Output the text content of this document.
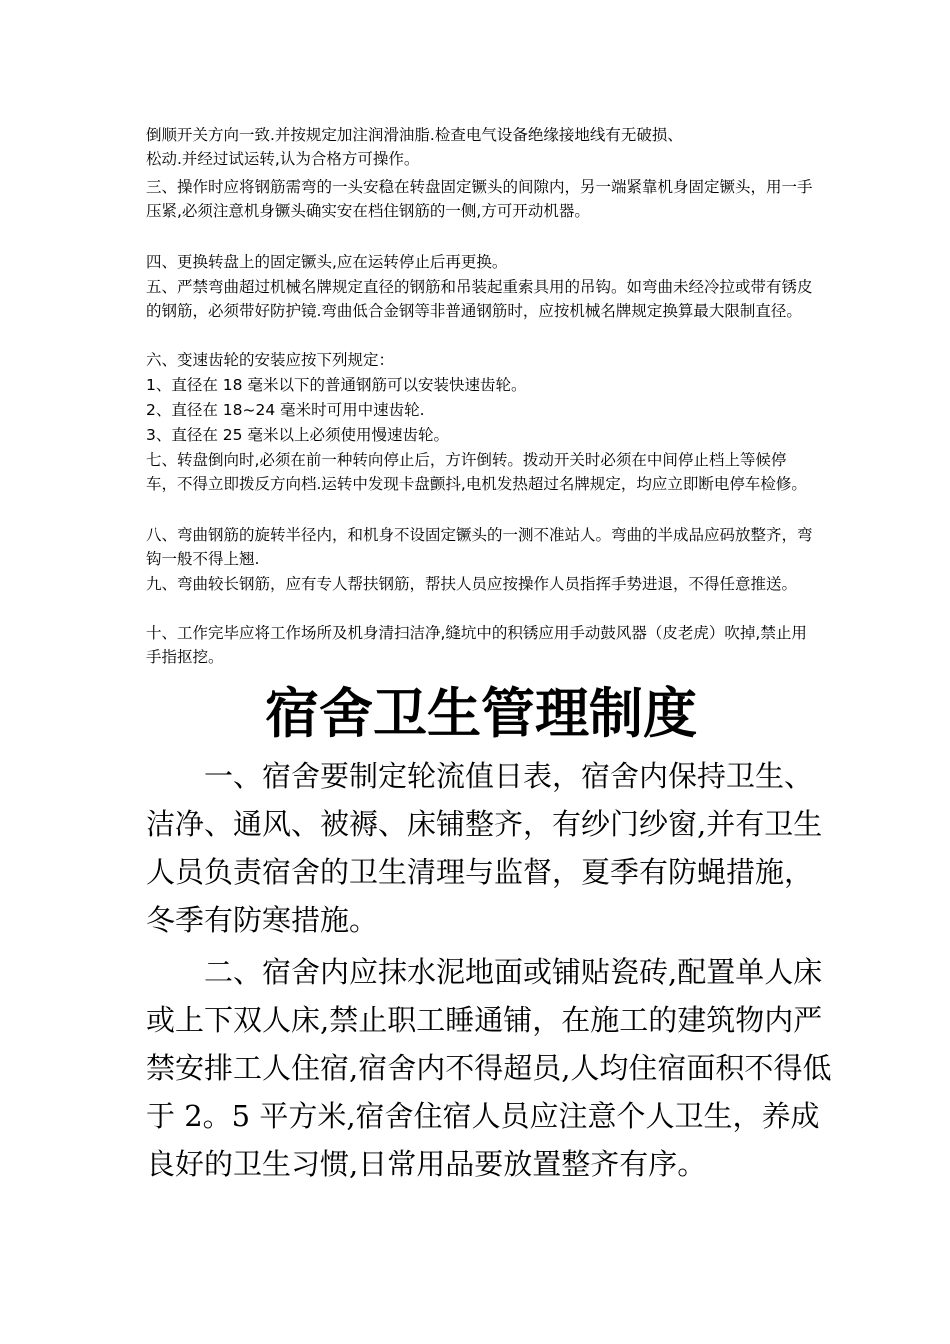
倒顺开关方向一致.并按规定加注润滑油脂.检查电气设备绝缘接地线有无破损、
松动.并经过试运转,认为合格方可操作。
三、操作时应将钢筋需弯的一头安稳在转盘固定镢头的间隙内，另一端紧靠机身固定镢头，用一手压紧,必须注意机身镢头确实安在档住钢筋的一侧,方可开动机器。
四、更换转盘上的固定镢头,应在运转停止后再更换。
五、严禁弯曲超过机械名牌规定直径的钢筋和吊装起重索具用的吊钩。如弯曲未经冷拉或带有锈皮的钢筋，必须带好防护镜.弯曲低合金钢等非普通钢筋时，应按机械名牌规定换算最大限制直径。
六、变速齿轮的安装应按下列规定：
1、直径在 18 毫米以下的普通钢筋可以安装快速齿轮。
2、直径在 18~24 毫米时可用中速齿轮.
3、直径在 25 毫米以上必须使用慢速齿轮。
七、转盘倒向时,必须在前一种转向停止后，方许倒转。拨动开关时必须在中间停止档上等候停车，不得立即拨反方向档.运转中发现卡盘颤抖,电机发热超过名牌规定，均应立即断电停车检修。
八、弯曲钢筋的旋转半径内，和机身不设固定镢头的一测不准站人。弯曲的半成品应码放整齐，弯钩一般不得上翘.
九、弯曲较长钢筋，应有专人帮扶钢筋，帮扶人员应按操作人员指挥手势进退，不得任意推送。
十、工作完毕应将工作场所及机身清扫洁净,缝坑中的积锈应用手动鼓风器（皮老虎）吹掉,禁止用手指抠挖。
宿舍卫生管理制度
一、宿舍要制定轮流值日表，宿舍内保持卫生、洁净、通风、被褥、床铺整齐，有纱门纱窗,并有卫生人员负责宿舍的卫生清理与监督，夏季有防蝇措施，冬季有防寒措施。
二、宿舍内应抹水泥地面或铺贴瓷砖,配置单人床或上下双人床,禁止职工睡通铺，在施工的建筑物内严禁安排工人住宿,宿舍内不得超员,人均住宿面积不得低于 2。5 平方米,宿舍住宿人员应注意个人卫生，养成良好的卫生习惯,日常用品要放置整齐有序。
